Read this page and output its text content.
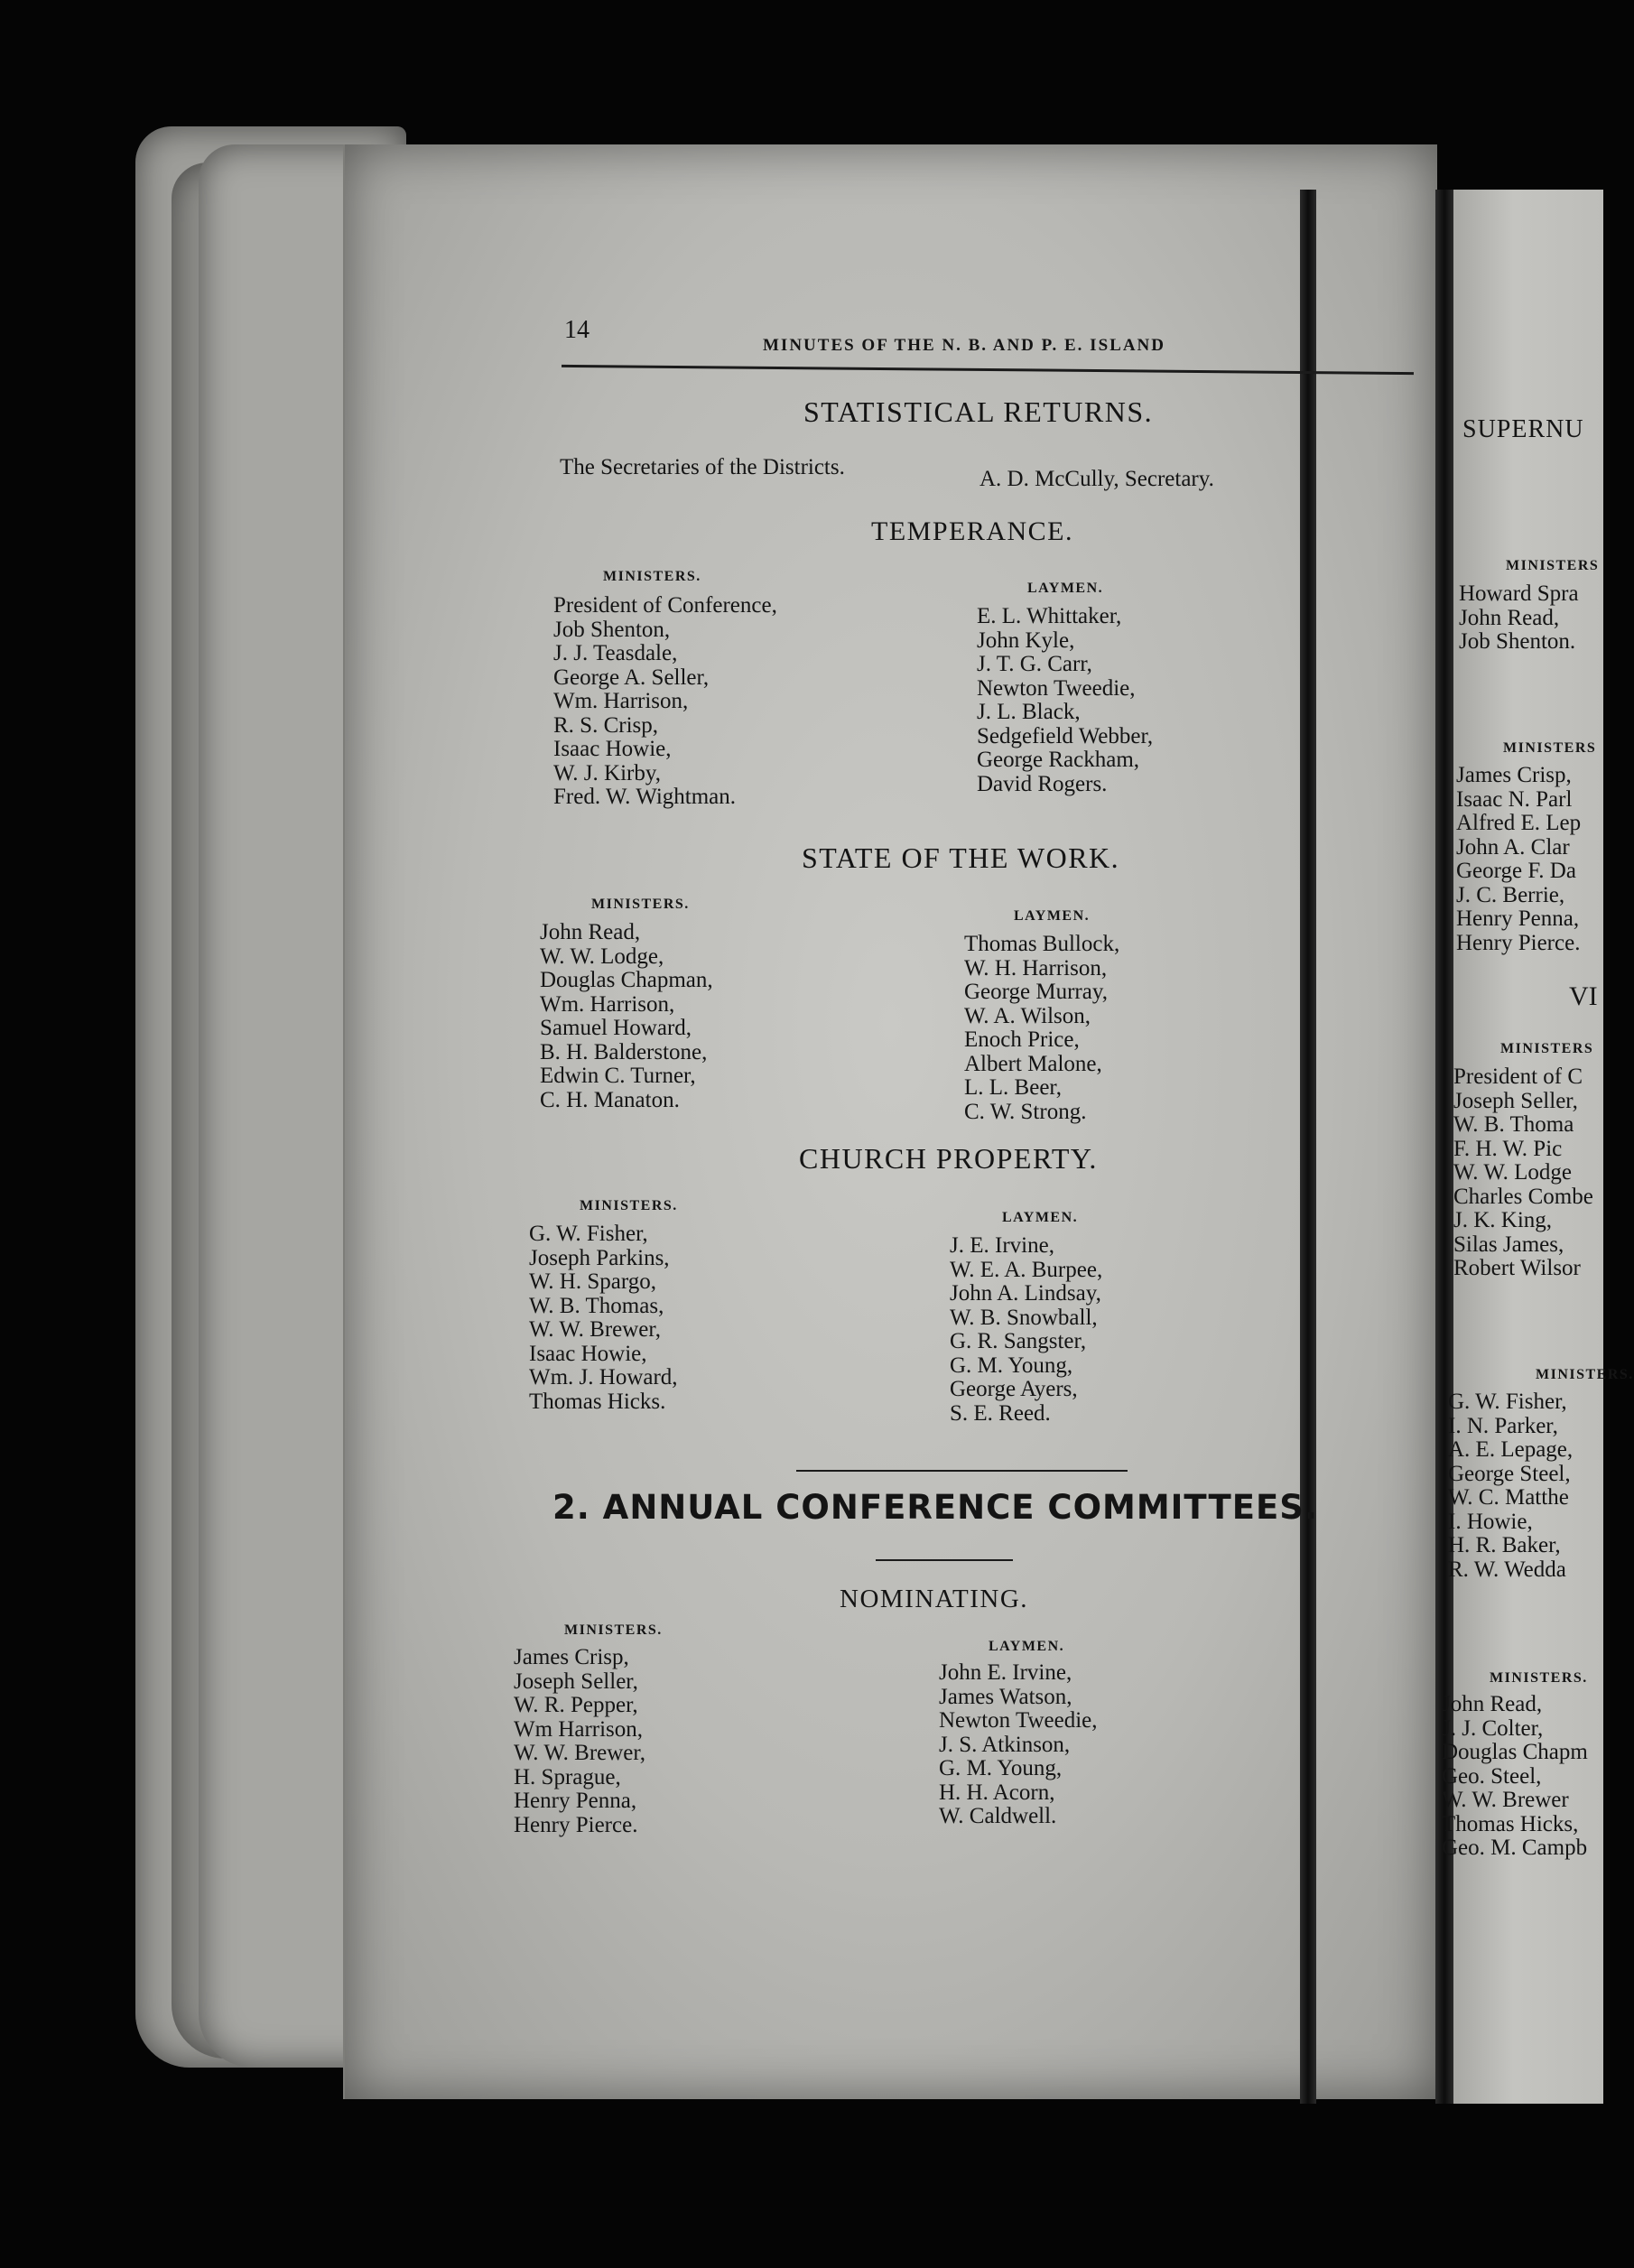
14
MINUTES OF THE N. B. AND P. E. ISLAND
STATISTICAL RETURNS.
The Secretaries of the Districts.	A. D. McCully, Secretary.
TEMPERANCE.
MINISTERS.
LAYMEN.
President of Conference,
Job Shenton,
J. J. Teasdale,
George A. Seller,
Wm. Harrison,
R. S. Crisp,
Isaac Howie,
W. J. Kirby,
Fred. W. Wightman.
E. L. Whittaker,
John Kyle,
J. T. G. Carr,
Newton Tweedie,
J. L. Black,
Sedgefield Webber,
George Rackham,
David Rogers.
STATE OF THE WORK.
MINISTERS.
LAYMEN.
John Read,
W. W. Lodge,
Douglas Chapman,
Wm. Harrison,
Samuel Howard,
B. H. Balderstone,
Edwin C. Turner,
C. H. Manaton.
Thomas Bullock,
W. H. Harrison,
George Murray,
W. A. Wilson,
Enoch Price,
Albert Malone,
L. L. Beer,
C. W. Strong.
CHURCH PROPERTY.
MINISTERS.
LAYMEN.
G. W. Fisher,
Joseph Parkins,
W. H. Spargo,
W. B. Thomas,
W. W. Brewer,
Isaac Howie,
Wm. J. Howard,
Thomas Hicks.
J. E. Irvine,
W. E. A. Burpee,
John A. Lindsay,
W. B. Snowball,
G. R. Sangster,
G. M. Young,
George Ayers,
S. E. Reed.
2. ANNUAL CONFERENCE COMMITTEES.
NOMINATING.
MINISTERS.
LAYMEN.
James Crisp,
Joseph Seller,
W. R. Pepper,
Wm Harrison,
W. W. Brewer,
H. Sprague,
Henry Penna,
Henry Pierce.
John E. Irvine,
James Watson,
Newton Tweedie,
J. S. Atkinson,
G. M. Young,
H. H. Acorn,
W. Caldwell.
SUPERNU
MINISTERS
Howard Spra
John Read,
Job Shenton.
MINISTERS
James Crisp,
Isaac N. Parl
Alfred E. Lep
John A. Clar
George F. Da
J. C. Berrie,
Henry Penna,
Henry Pierce.
VI
MINISTERS
President of C
Joseph Seller,
W. B. Thoma
F. H. W. Pic
W. W. Lodge
Charles Combe
J. K. King,
Silas James,
Robert Wilsor
MINISTERS.
G. W. Fisher,
I. N. Parker,
A. E. Lepage,
George Steel,
W. C. Matthe
I. Howie,
H. R. Baker,
R. W. Wedda
MINISTERS.
John Read,
J. J. Colter,
Douglas Chapm
Geo. Steel,
W. W. Brewer
Thomas Hicks,
Geo. M. Campb
